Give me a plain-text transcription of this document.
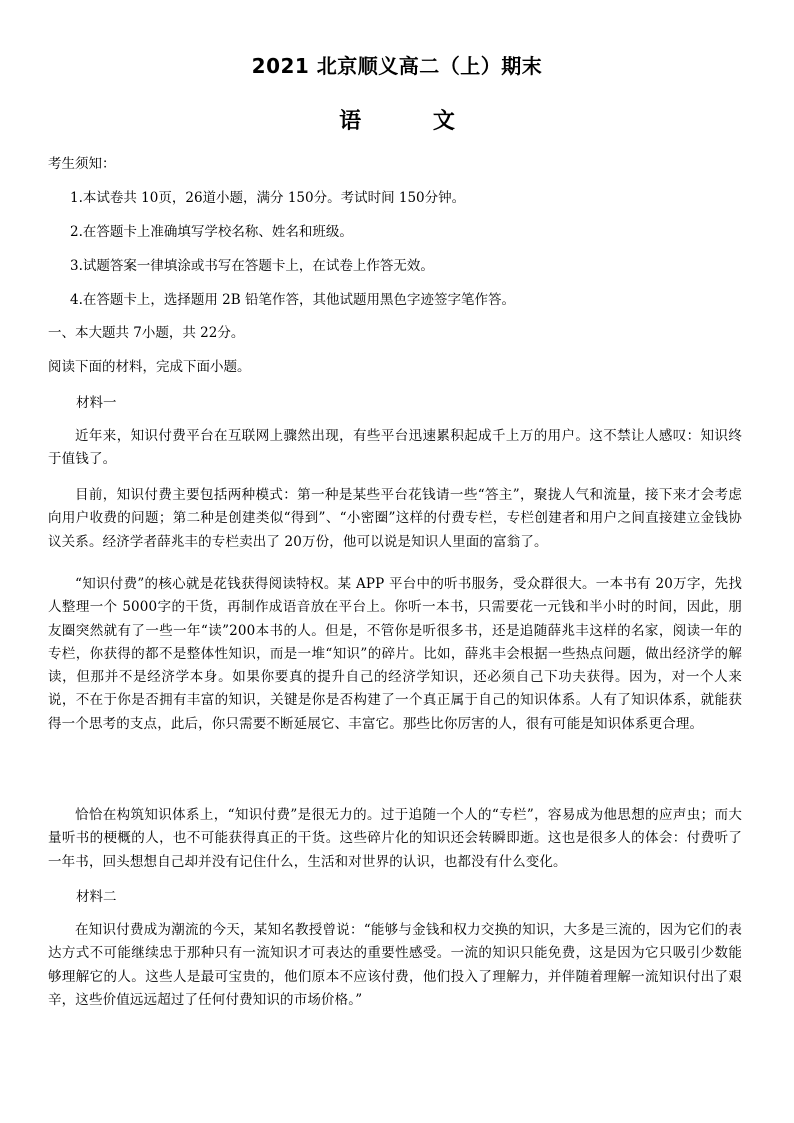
2021 北京顺义高二（上）期末
语 文
考生须知：
1.本试卷共 10页，26道小题，满分 150分。考试时间 150分钟。
2.在答题卡上准确填写学校名称、姓名和班级。
3.试题答案一律填涂或书写在答题卡上，在试卷上作答无效。
4.在答题卡上，选择题用 2B 铅笔作答，其他试题用黑色字迹签字笔作答。
一、本大题共 7小题，共 22分。
阅读下面的材料，完成下面小题。
材料一
近年来，知识付费平台在互联网上骤然出现，有些平台迅速累积起成千上万的用户。这不禁让人感叹：知识终于值钱了。
目前，知识付费主要包括两种模式：第一种是某些平台花钱请一些“答主”，聚拢人气和流量，接下来才会考虑向用户收费的问题；第二种是创建类似“得到”、“小密圈”这样的付费专栏，专栏创建者和用户之间直接建立金钱协议关系。经济学者薛兆丰的专栏卖出了 20万份，他可以说是知识人里面的富翁了。
“知识付费”的核心就是花钱获得阅读特权。某 APP 平台中的听书服务，受众群很大。一本书有 20万字，先找人整理一个 5000字的干货，再制作成语音放在平台上。你听一本书，只需要花一元钱和半小时的时间，因此，朋友圈突然就有了一些一年“读”200本书的人。但是，不管你是听很多书，还是追随薛兆丰这样的名家，阅读一年的专栏，你获得的都不是整体性知识，而是一堆“知识”的碎片。比如，薛兆丰会根据一些热点问题，做出经济学的解读，但那并不是经济学本身。如果你要真的提升自己的经济学知识，还必须自己下功夫获得。因为，对一个人来说，不在于你是否拥有丰富的知识，关键是你是否构建了一个真正属于自己的知识体系。人有了知识体系，就能获得一个思考的支点，此后，你只需要不断延展它、丰富它。那些比你厉害的人，很有可能是知识体系更合理。
恰恰在构筑知识体系上，“知识付费”是很无力的。过于追随一个人的“专栏”，容易成为他思想的应声虫；而大量听书的梗概的人，也不可能获得真正的干货。这些碎片化的知识还会转瞬即逝。这也是很多人的体会：付费听了一年书，回头想想自己却并没有记住什么，生活和对世界的认识，也都没有什么变化。
材料二
在知识付费成为潮流的今天，某知名教授曾说：“能够与金钱和权力交换的知识，大多是三流的，因为它们的表达方式不可能继续忠于那种只有一流知识才可表达的重要性感受。一流的知识只能免费，这是因为它只吸引少数能够理解它的人。这些人是最可宝贵的，他们原本不应该付费，他们投入了理解力，并伴随着理解一流知识付出了艰辛，这些价值远远超过了任何付费知识的市场价格。”
